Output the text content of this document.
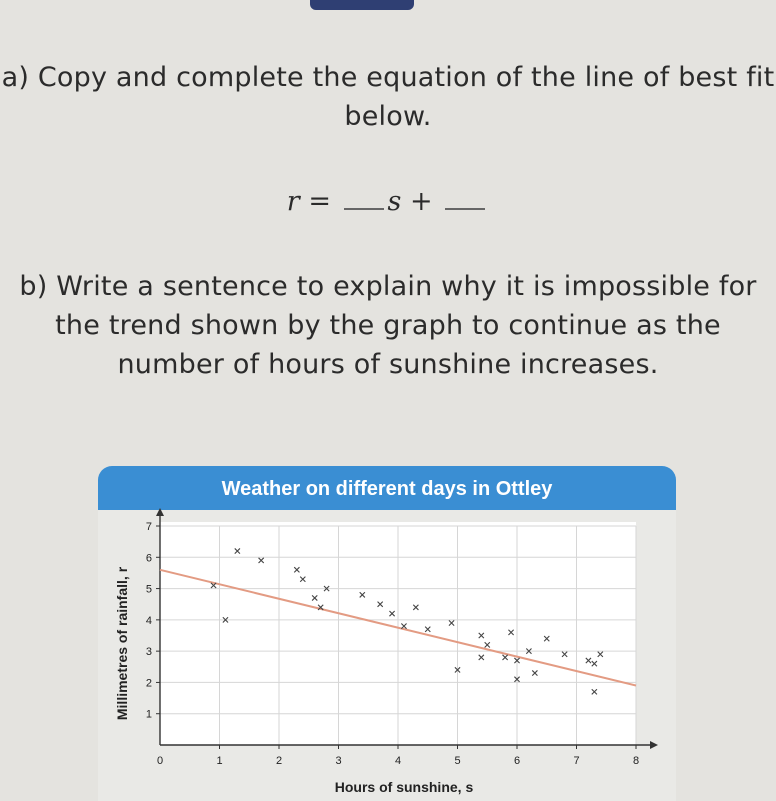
a) Copy and complete the equation of the line of best fit below.
r = s +
b) Write a sentence to explain why it is impossible for the trend shown by the graph to continue as the number of hours of sunshine increases.
Weather on different days in Ottley
0	1	2	3	4	5	6	7	8
1
2
3
4
5
6
7
Hours of sunshine, s
Millimetres of rainfall, r
